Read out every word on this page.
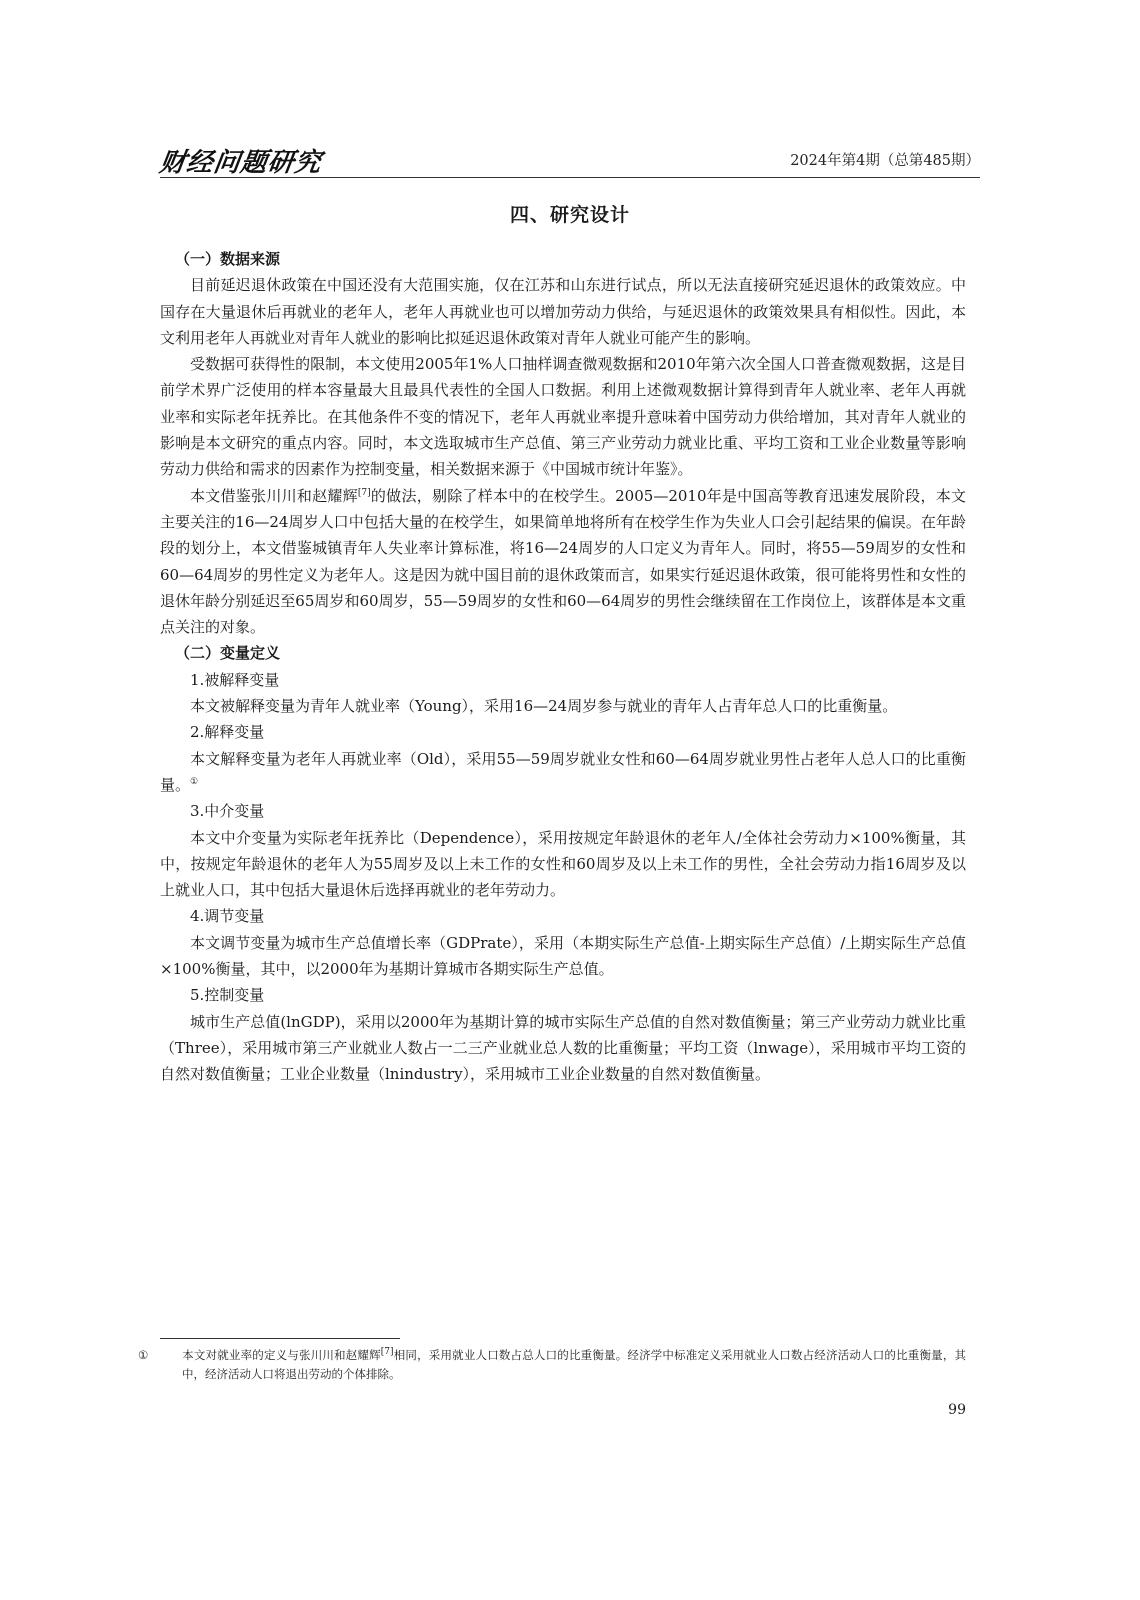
财经问题研究	2024年第4期（总第485期）
四、研究设计

（一）数据来源

目前延迟退休政策在中国还没有大范围实施，仅在江苏和山东进行试点，所以无法直接研究延迟退休的政策效应。中国存在大量退休后再就业的老年人，老年人再就业也可以增加劳动力供给，与延迟退休的政策效果具有相似性。因此，本文利用老年人再就业对青年人就业的影响比拟延迟退休政策对青年人就业可能产生的影响。

受数据可获得性的限制，本文使用2005年1%人口抽样调查微观数据和2010年第六次全国人口普查微观数据，这是目前学术界广泛使用的样本容量最大且最具代表性的全国人口数据。利用上述微观数据计算得到青年人就业率、老年人再就业率和实际老年抚养比。在其他条件不变的情况下，老年人再就业率提升意味着中国劳动力供给增加，其对青年人就业的影响是本文研究的重点内容。同时，本文选取城市生产总值、第三产业劳动力就业比重、平均工资和工业企业数量等影响劳动力供给和需求的因素作为控制变量，相关数据来源于《中国城市统计年鉴》。

本文借鉴张川川和赵耀辉[7]的做法，剔除了样本中的在校学生。2005—2010年是中国高等教育迅速发展阶段，本文主要关注的16—24周岁人口中包括大量的在校学生，如果简单地将所有在校学生作为失业人口会引起结果的偏误。在年龄段的划分上，本文借鉴城镇青年人失业率计算标准，将16—24周岁的人口定义为青年人。同时，将55—59周岁的女性和60—64周岁的男性定义为老年人。这是因为就中国目前的退休政策而言，如果实行延迟退休政策，很可能将男性和女性的退休年龄分别延迟至65周岁和60周岁，55—59周岁的女性和60—64周岁的男性会继续留在工作岗位上，该群体是本文重点关注的对象。

（二）变量定义

1.被解释变量

本文被解释变量为青年人就业率（Young），采用16—24周岁参与就业的青年人占青年总人口的比重衡量。

2.解释变量

本文解释变量为老年人再就业率（Old），采用55—59周岁就业女性和60—64周岁就业男性占老年人总人口的比重衡量。①

3.中介变量

本文中介变量为实际老年抚养比（Dependence），采用按规定年龄退休的老年人/全体社会劳动力×100%衡量，其中，按规定年龄退休的老年人为55周岁及以上未工作的女性和60周岁及以上未工作的男性，全社会劳动力指16周岁及以上就业人口，其中包括大量退休后选择再就业的老年劳动力。

4.调节变量

本文调节变量为城市生产总值增长率（GDPrate），采用（本期实际生产总值-上期实际生产总值）/上期实际生产总值×100%衡量，其中，以2000年为基期计算城市各期实际生产总值。

5.控制变量

城市生产总值(lnGDP)，采用以2000年为基期计算的城市实际生产总值的自然对数值衡量；第三产业劳动力就业比重（Three），采用城市第三产业就业人数占一二三产业就业总人数的比重衡量；平均工资（lnwage），采用城市平均工资的自然对数值衡量；工业企业数量（lnindustry），采用城市工业企业数量的自然对数值衡量。

①	本文对就业率的定义与张川川和赵耀辉[7]相同，采用就业人口数占总人口的比重衡量。经济学中标准定义采用就业人口数占经济活动人口的比重衡量，其中，经济活动人口将退出劳动的个体排除。
99
